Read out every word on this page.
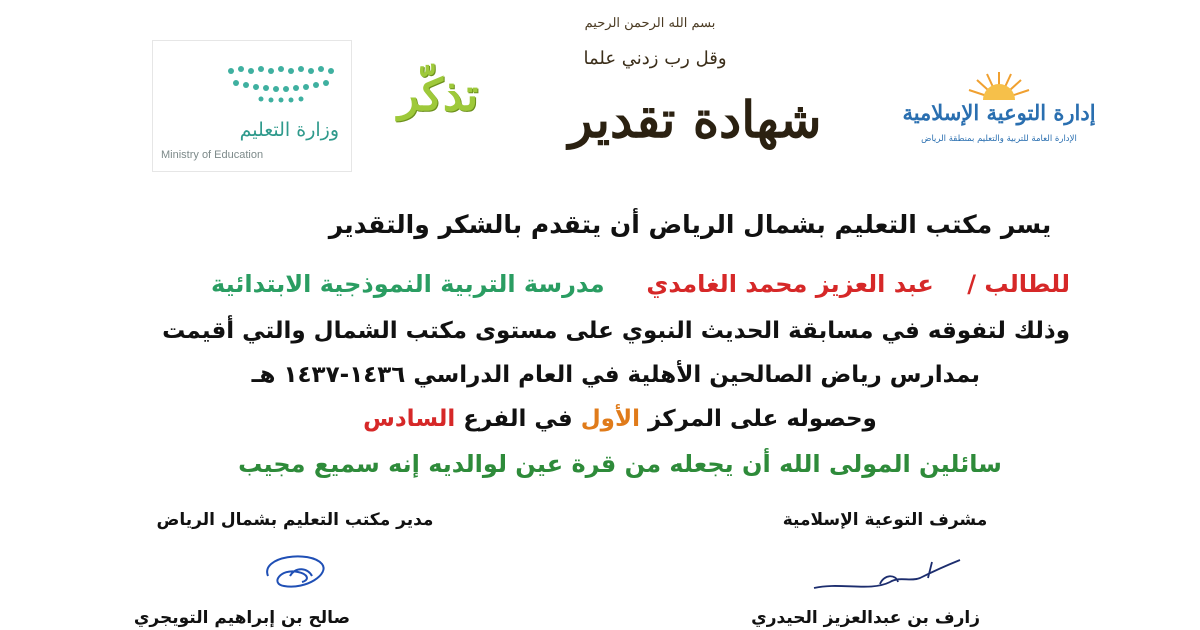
وزارة التعليم
Ministry of Education
تذكّر
بسم الله الرحمن الرحيم
وقل رب زدني علما
شهادة تقدير	إدارة التوعية الإسلامية
الإدارة العامة للتربية والتعليم بمنطقة الرياض
يسر مكتب التعليم بشمال الرياض أن يتقدم بالشكر والتقدير
للطالب /    عبد العزيز محمد الغامدي     مدرسة التربية النموذجية الابتدائية
وذلك لتفوقه في مسابقة الحديث النبوي على مستوى مكتب الشمال والتي أقيمت
بمدارس رياض الصالحين الأهلية في العام الدراسي ١٤٣٦-١٤٣٧ هـ
وحصوله على المركز الأول في الفرع السادس
سائلين المولى الله أن يجعله من قرة عين لوالديه إنه سميع مجيب
مدير مكتب التعليم بشمال الرياض	مشرف التوعية الإسلامية
صالح بن إبراهيم التويجري	زارف بن عبدالعزيز الحيدري
